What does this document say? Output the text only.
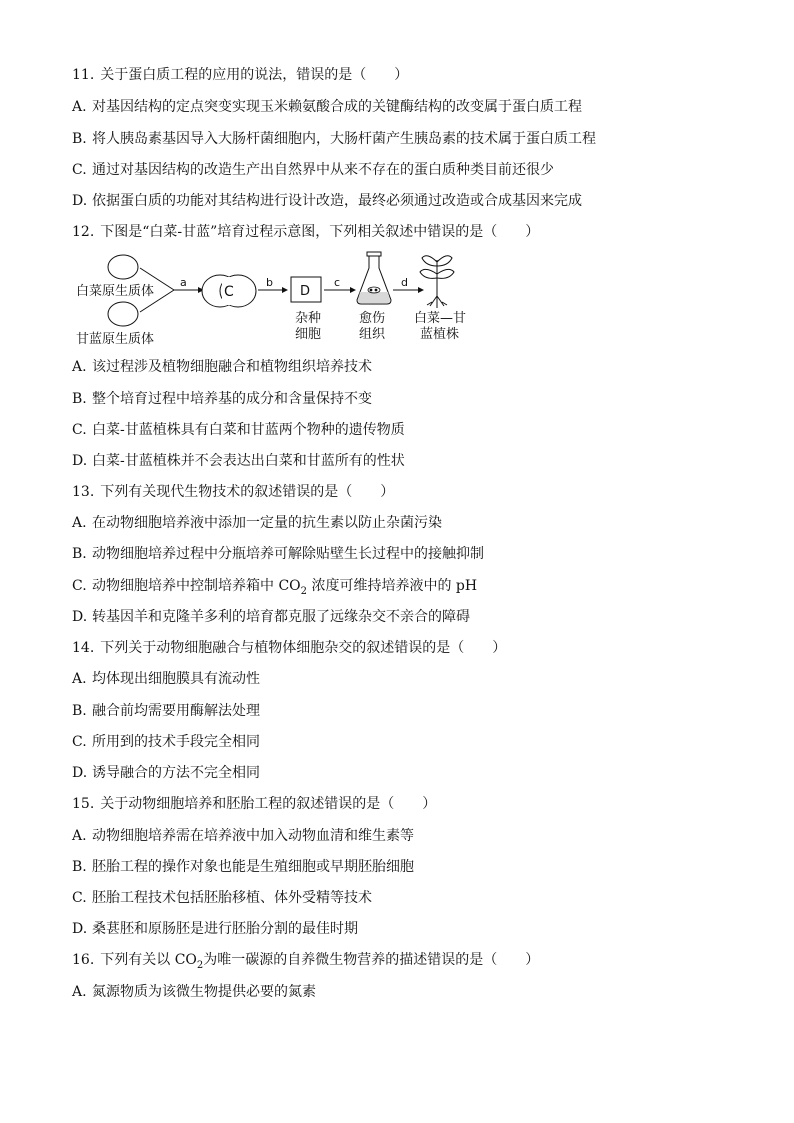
11. 关于蛋白质工程的应用的说法，错误的是（　　）
A. 对基因结构的定点突变实现玉米赖氨酸合成的关键酶结构的改变属于蛋白质工程
B. 将人胰岛素基因导入大肠杆菌细胞内，大肠杆菌产生胰岛素的技术属于蛋白质工程
C. 通过对基因结构的改造生产出自然界中从来不存在的蛋白质种类目前还很少
D. 依据蛋白质的功能对其结构进行设计改造，最终必须通过改造或合成基因来完成
12. 下图是“白菜-甘蓝”培育过程示意图，下列相关叙述中错误的是（　　）
白菜原生质体
甘蓝原生质体
a
C
b
D
杂种
细胞
c
愈伤
组织
d
白菜—甘
蓝植株
A. 该过程涉及植物细胞融合和植物组织培养技术
B. 整个培育过程中培养基的成分和含量保持不变
C. 白菜-甘蓝植株具有白菜和甘蓝两个物种的遗传物质
D. 白菜-甘蓝植株并不会表达出白菜和甘蓝所有的性状
13. 下列有关现代生物技术的叙述错误的是（　　）
A. 在动物细胞培养液中添加一定量的抗生素以防止杂菌污染
B. 动物细胞培养过程中分瓶培养可解除贴壁生长过程中的接触抑制
C. 动物细胞培养中控制培养箱中 $CO_2$ 浓度可维持培养液中的 pH
D. 转基因羊和克隆羊多利的培育都克服了远缘杂交不亲合的障碍
14. 下列关于动物细胞融合与植物体细胞杂交的叙述错误的是（　　）
A. 均体现出细胞膜具有流动性
B. 融合前均需要用酶解法处理
C. 所用到的技术手段完全相同
D. 诱导融合的方法不完全相同
15. 关于动物细胞培养和胚胎工程的叙述错误的是（　　）
A. 动物细胞培养需在培养液中加入动物血清和维生素等
B. 胚胎工程的操作对象也能是生殖细胞或早期胚胎细胞
C. 胚胎工程技术包括胚胎移植、体外受精等技术
D. 桑葚胚和原肠胚是进行胚胎分割的最佳时期
16. 下列有关以 $CO_2$为唯一碳源的自养微生物营养的描述错误的是（　　）
A. 氮源物质为该微生物提供必要的氮素
